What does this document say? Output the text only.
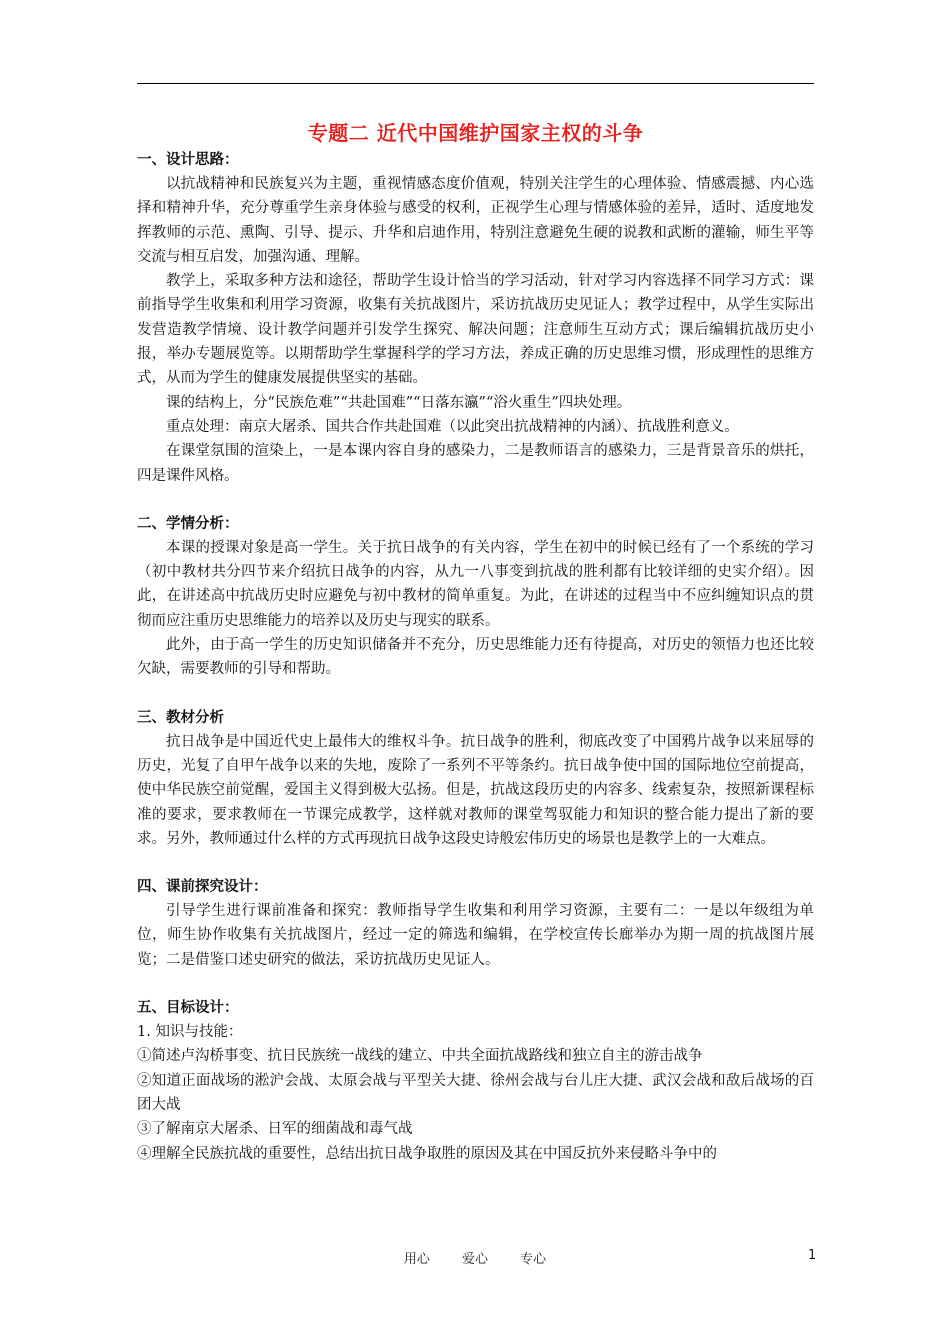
专题二 近代中国维护国家主权的斗争
一、设计思路：

以抗战精神和民族复兴为主题，重视情感态度价值观，特别关注学生的心理体验、情感震撼、内心选择和精神升华，充分尊重学生亲身体验与感受的权利，正视学生心理与情感体验的差异，适时、适度地发挥教师的示范、熏陶、引导、提示、升华和启迪作用，特别注意避免生硬的说教和武断的灌输，师生平等交流与相互启发，加强沟通、理解。

教学上，采取多种方法和途径，帮助学生设计恰当的学习活动，针对学习内容选择不同学习方式：课前指导学生收集和利用学习资源，收集有关抗战图片，采访抗战历史见证人；教学过程中，从学生实际出发营造教学情境、设计教学问题并引发学生探究、解决问题；注意师生互动方式；课后编辑抗战历史小报，举办专题展览等。以期帮助学生掌握科学的学习方法，养成正确的历史思维习惯，形成理性的思维方式，从而为学生的健康发展提供坚实的基础。

课的结构上，分“民族危难”“共赴国难”“日落东瀛”“浴火重生”四块处理。

重点处理：南京大屠杀、国共合作共赴国难（以此突出抗战精神的内涵）、抗战胜利意义。

在课堂氛围的渲染上，一是本课内容自身的感染力，二是教师语言的感染力，三是背景音乐的烘托，四是课件风格。

二、学情分析：

本课的授课对象是高一学生。关于抗日战争的有关内容，学生在初中的时候已经有了一个系统的学习（初中教材共分四节来介绍抗日战争的内容，从九一八事变到抗战的胜利都有比较详细的史实介绍）。因此，在讲述高中抗战历史时应避免与初中教材的简单重复。为此，在讲述的过程当中不应纠缠知识点的贯彻而应注重历史思维能力的培养以及历史与现实的联系。

此外，由于高一学生的历史知识储备并不充分，历史思维能力还有待提高，对历史的领悟力也还比较欠缺，需要教师的引导和帮助。

三、教材分析

抗日战争是中国近代史上最伟大的维权斗争。抗日战争的胜利，彻底改变了中国鸦片战争以来屈辱的历史，光复了自甲午战争以来的失地，废除了一系列不平等条约。抗日战争使中国的国际地位空前提高，使中华民族空前觉醒，爱国主义得到极大弘扬。但是，抗战这段历史的内容多、线索复杂，按照新课程标准的要求，要求教师在一节课完成教学，这样就对教师的课堂驾驭能力和知识的整合能力提出了新的要求。另外，教师通过什么样的方式再现抗日战争这段史诗般宏伟历史的场景也是教学上的一大难点。

四、课前探究设计：

引导学生进行课前准备和探究：教师指导学生收集和利用学习资源，主要有二：一是以年级组为单位，师生协作收集有关抗战图片，经过一定的筛选和编辑，在学校宣传长廊举办为期一周的抗战图片展览；二是借鉴口述史研究的做法，采访抗战历史见证人。

五、目标设计：

1. 知识与技能：

①简述卢沟桥事变、抗日民族统一战线的建立、中共全面抗战路线和独立自主的游击战争

②知道正面战场的淞沪会战、太原会战与平型关大捷、徐州会战与台儿庄大捷、武汉会战和敌后战场的百团大战

③了解南京大屠杀、日军的细菌战和毒气战

④理解全民族抗战的重要性，总结出抗日战争取胜的原因及其在中国反抗外来侵略斗争中的

用心 爱心 专心	1
